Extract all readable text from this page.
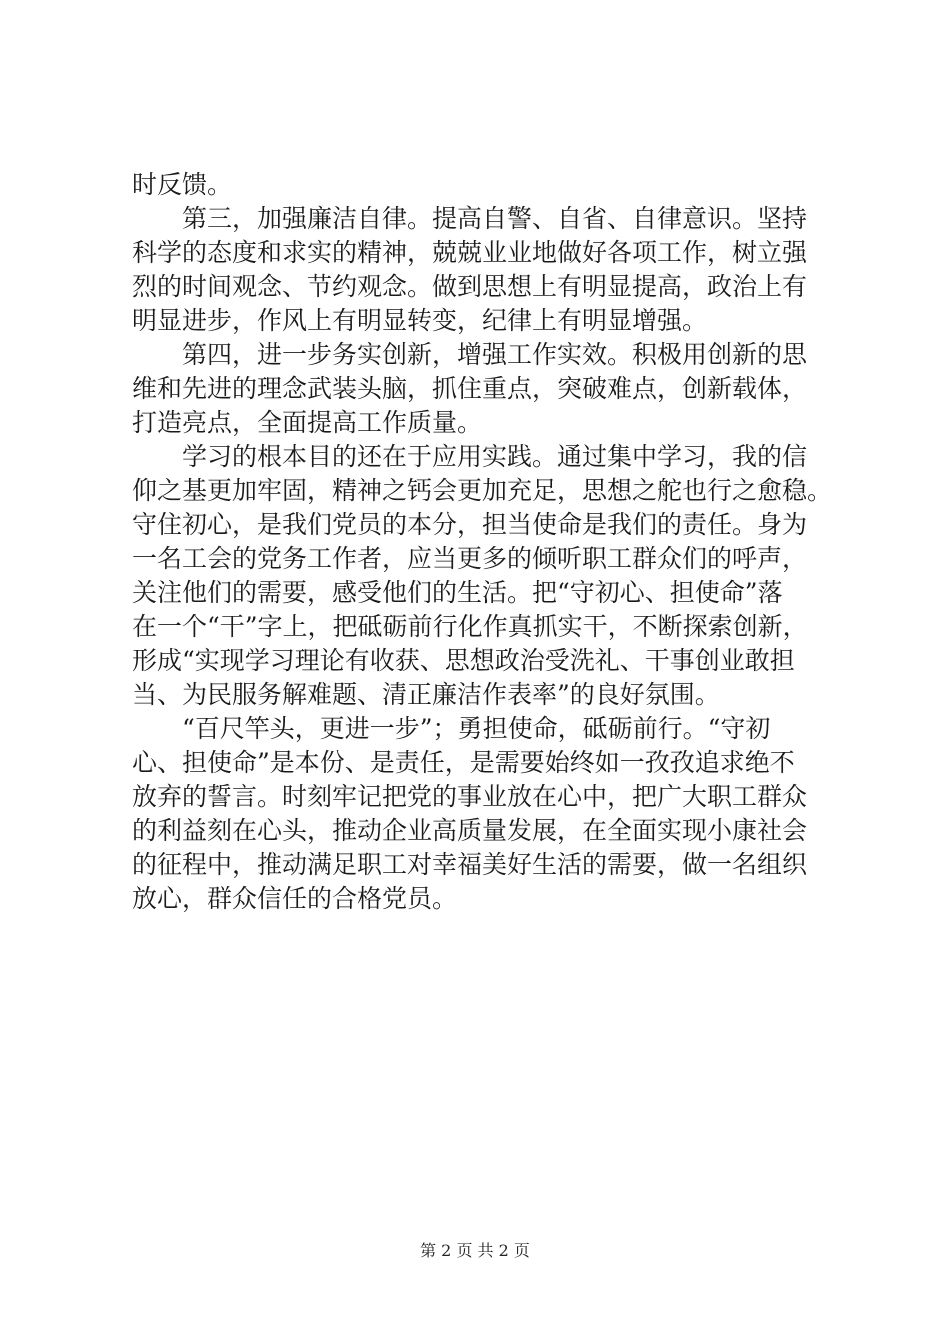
时反馈。
第三，加强廉洁自律。提高自警、自省、自律意识。坚持
科学的态度和求实的精神，兢兢业业地做好各项工作，树立强
烈的时间观念、节约观念。做到思想上有明显提高，政治上有
明显进步，作风上有明显转变，纪律上有明显增强。
第四，进一步务实创新，增强工作实效。积极用创新的思
维和先进的理念武装头脑，抓住重点，突破难点，创新载体，
打造亮点，全面提高工作质量。
学习的根本目的还在于应用实践。通过集中学习，我的信
仰之基更加牢固，精神之钙会更加充足，思想之舵也行之愈稳。
守住初心，是我们党员的本分，担当使命是我们的责任。身为
一名工会的党务工作者，应当更多的倾听职工群众们的呼声，
关注他们的需要，感受他们的生活。把“守初心、担使命”落
在一个“干”字上，把砥砺前行化作真抓实干，不断探索创新，
形成“实现学习理论有收获、思想政治受洗礼、干事创业敢担
当、为民服务解难题、清正廉洁作表率”的良好氛围。
“百尺竿头，更进一步”；勇担使命，砥砺前行。“守初
心、担使命”是本份、是责任，是需要始终如一孜孜追求绝不
放弃的誓言。时刻牢记把党的事业放在心中，把广大职工群众
的利益刻在心头，推动企业高质量发展，在全面实现小康社会
的征程中，推动满足职工对幸福美好生活的需要，做一名组织
放心，群众信任的合格党员。
第 2 页 共 2 页
